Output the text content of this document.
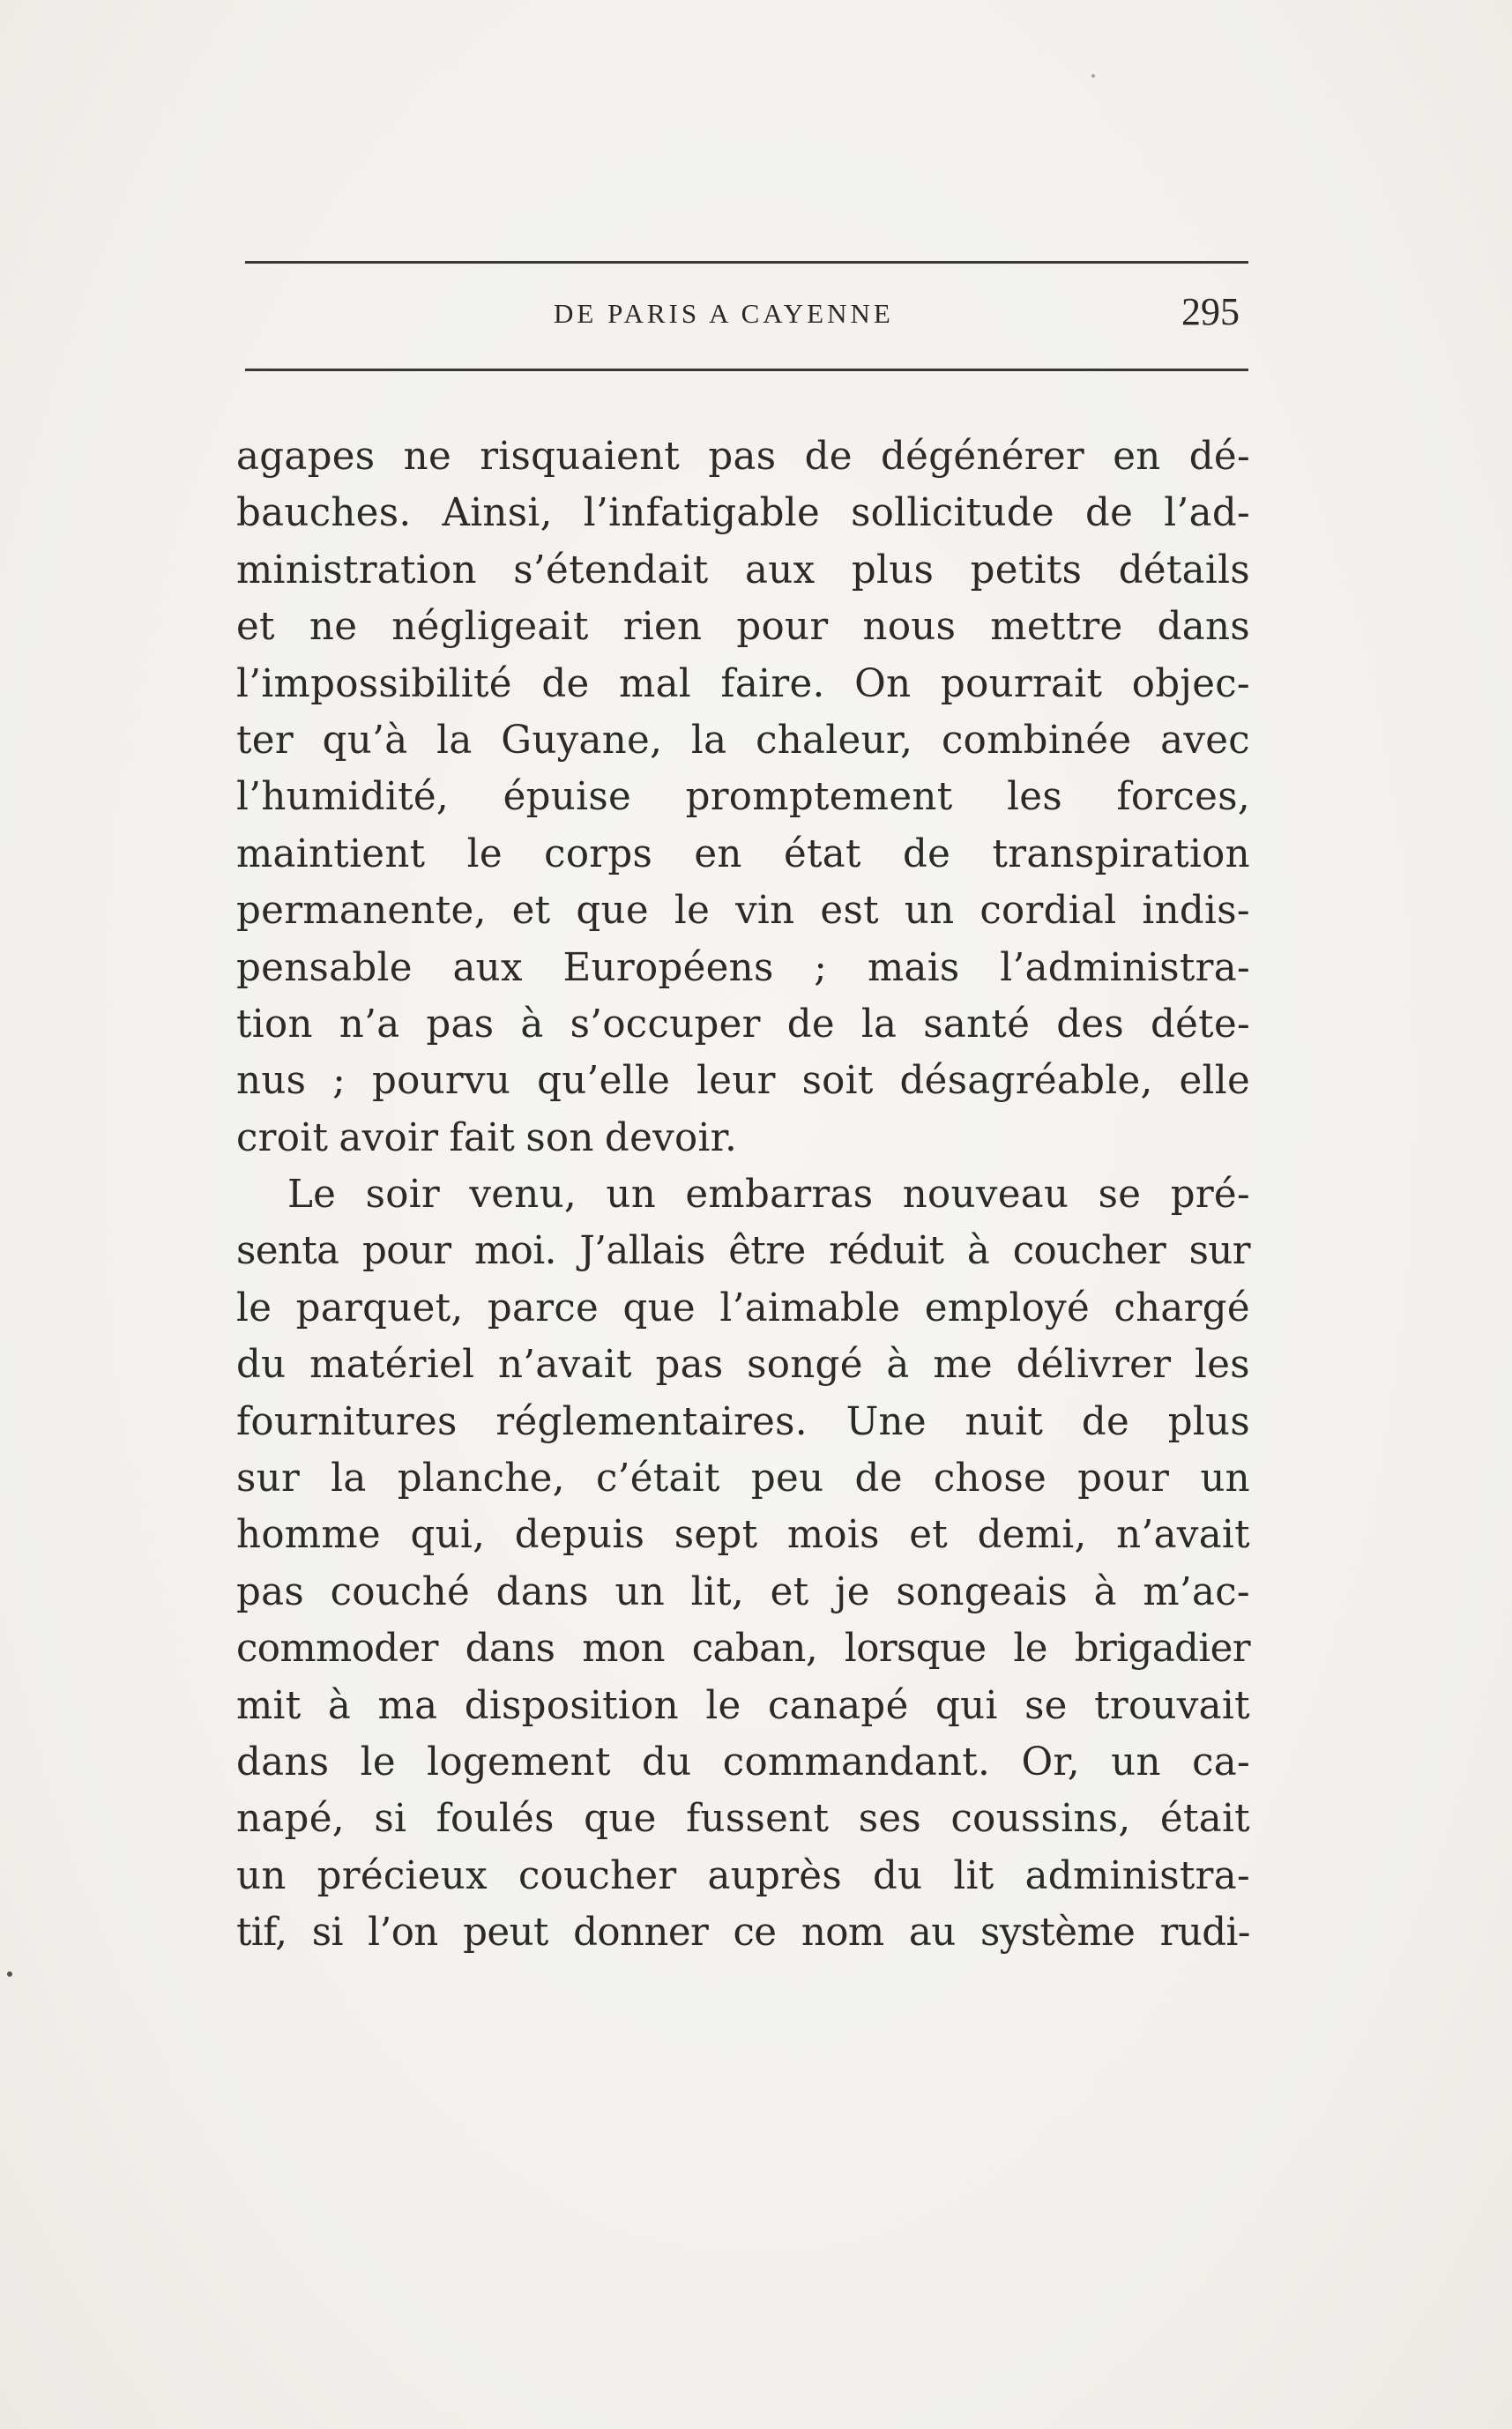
DE PARIS A CAYENNE	295
agapes ne risquaient pas de dégénérer en dé-
bauches. Ainsi, l’infatigable sollicitude de l’ad-
ministration s’étendait aux plus petits détails
et ne négligeait rien pour nous mettre dans
l’impossibilité de mal faire. On pourrait objec-
ter qu’à la Guyane, la chaleur, combinée avec
l’humidité, épuise promptement les forces,
maintient le corps en état de transpiration
permanente, et que le vin est un cordial indis-
pensable aux Européens ; mais l’administra-
tion n’a pas à s’occuper de la santé des déte-
nus ; pourvu qu’elle leur soit désagréable, elle
croit avoir fait son devoir.
Le soir venu, un embarras nouveau se pré-
senta pour moi. J’allais être réduit à coucher sur
le parquet, parce que l’aimable employé chargé
du matériel n’avait pas songé à me délivrer les
fournitures réglementaires. Une nuit de plus
sur la planche, c’était peu de chose pour un
homme qui, depuis sept mois et demi, n’avait
pas couché dans un lit, et je songeais à m’ac-
commoder dans mon caban, lorsque le brigadier
mit à ma disposition le canapé qui se trouvait
dans le logement du commandant. Or, un ca-
napé, si foulés que fussent ses coussins, était
un précieux coucher auprès du lit administra-
tif, si l’on peut donner ce nom au système rudi-
